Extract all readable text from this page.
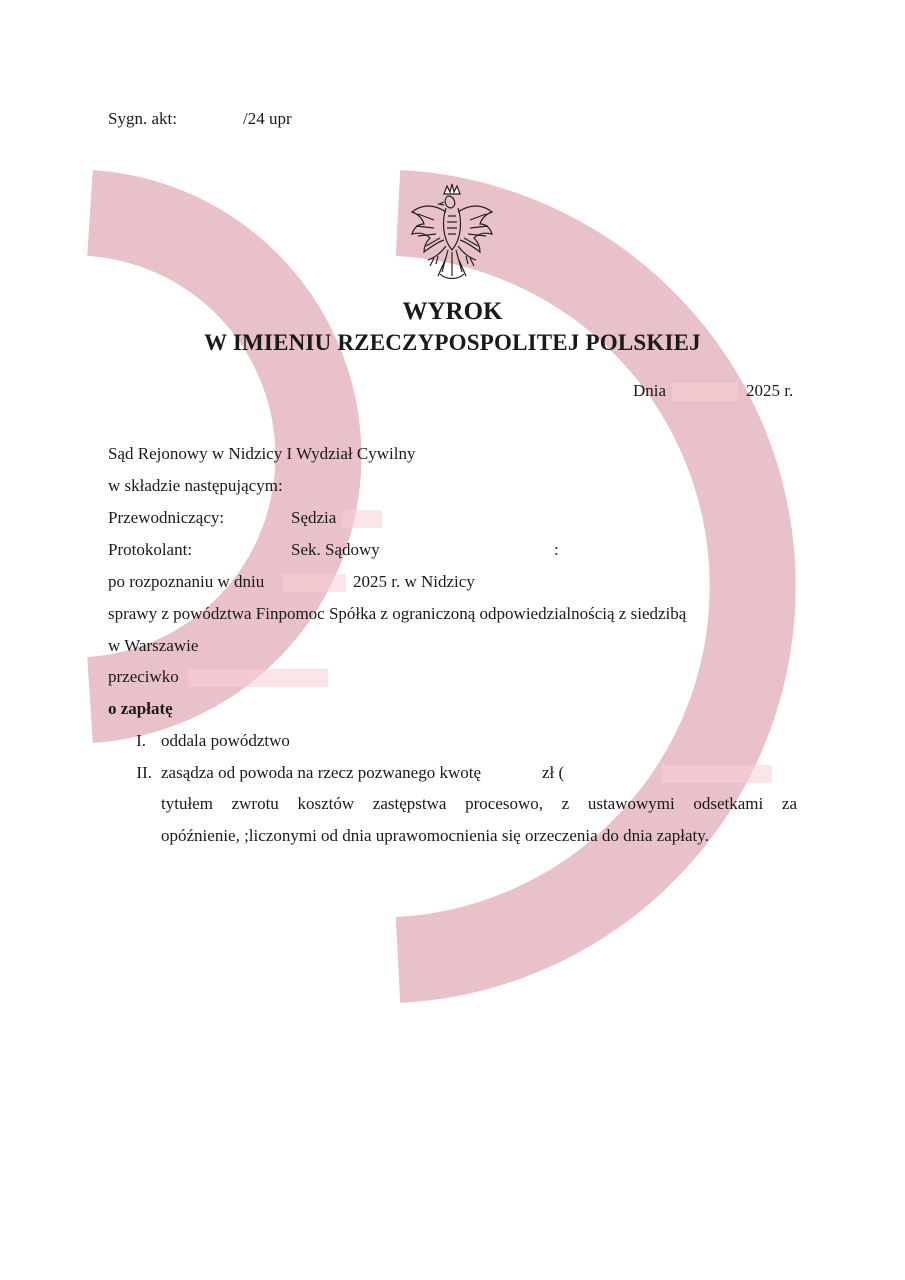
Sygn. akt:	/24 upr
WYROK
W IMIENIU RZECZYPOSPOLITEJ POLSKIEJ
Dnia	2025 r.
Sąd Rejonowy w Nidzicy I Wydział Cywilny
w składzie następującym:
Przewodniczący:	Sędzia
Protokolant:	Sek. Sądowy	:
po rozpoznaniu w dniu	2025 r. w Nidzicy
sprawy z powództwa Finpomoc Spółka z ograniczoną odpowiedzialnością z siedzibą
w Warszawie
przeciwko
o zapłatę
I. oddala powództwo
II. zasądza od powoda na rzecz pozwanego kwotę	zł (
tytułem zwrotu kosztów zastępstwa procesowo, z ustawowymi odsetkami za
opóźnienie, ;liczonymi od dnia uprawomocnienia się orzeczenia do dnia zapłaty.
